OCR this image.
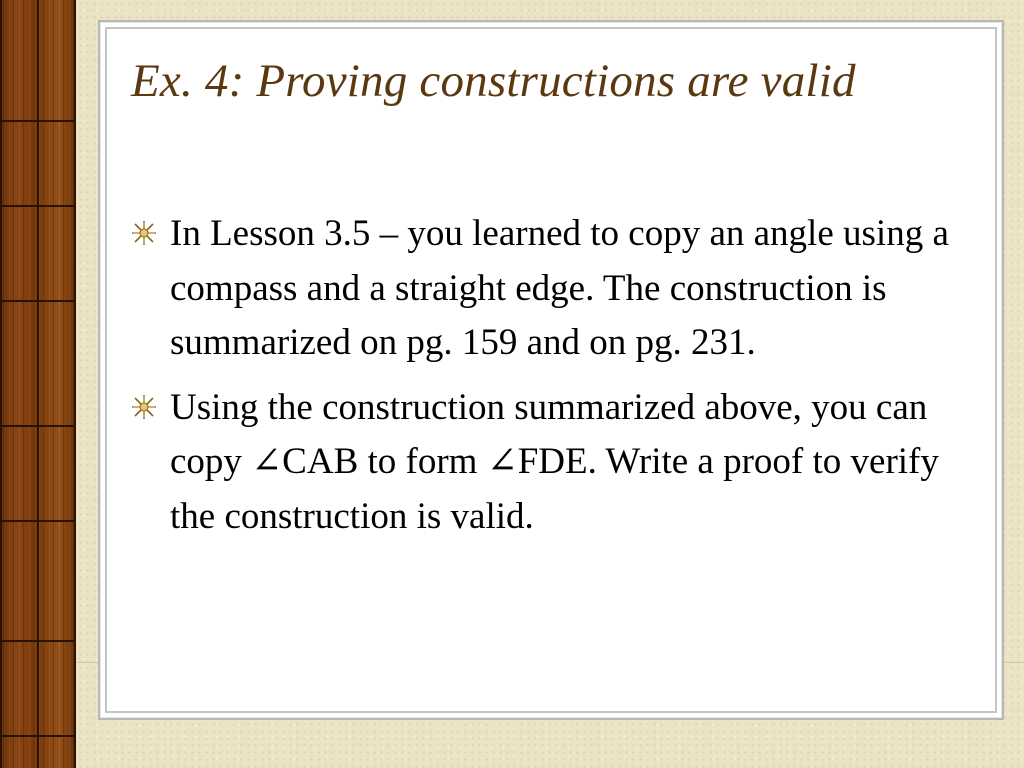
Ex. 4: Proving constructions are valid
In Lesson 3.5 – you learned to copy an angle using a compass and a straight edge. The construction is summarized on pg. 159 and on pg. 231.
Using the construction summarized above, you can copy ∠CAB to form ∠FDE. Write a proof to verify the construction is valid.
